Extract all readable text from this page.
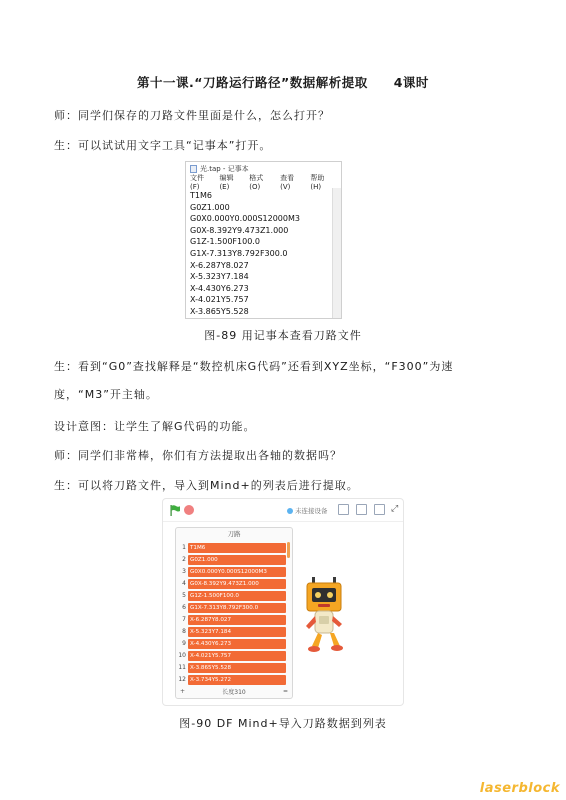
第十一课.“刀路运行路径”数据解析提取 4课时
师：同学们保存的刀路文件里面是什么，怎么打开？
生：可以试试用文字工具“记事本”打开。
光.tap - 记事本
文件(F)
编辑(E)
格式(O)
查看(V)
帮助(H)
T1M6
G0Z1.000
G0X0.000Y0.000S12000M3
G0X-8.392Y9.473Z1.000
G1Z-1.500F100.0
G1X-7.313Y8.792F300.0
X-6.287Y8.027
X-5.323Y7.184
X-4.430Y6.273
X-4.021Y5.757
X-3.865Y5.528
图-89 用记事本查看刀路文件
生：看到“G0”查找解释是“数控机床G代码”还看到XYZ坐标，“F300”为速
度，“M3”开主轴。
设计意图：让学生了解G代码的功能。
师：同学们非常棒，你们有方法提取出各轴的数据吗？
生：可以将刀路文件，导入到Mind+的列表后进行提取。
未连接设备	⤢
刀路
1 T1M6
2 G0Z1.000
3 G0X0.000Y0.000S12000M3
4 G0X-8.392Y9.473Z1.000
5 G1Z-1.500F100.0
6 G1X-7.313Y8.792F300.0
7 X-6.287Y8.027
8 X-5.323Y7.184
9 X-4.430Y6.273
10 X-4.021Y5.757
11 X-3.865Y5.528
12 X-3.734Y5.272
+	长度310	=
图-90 DF Mind+导入刀路数据到列表
laserblock
